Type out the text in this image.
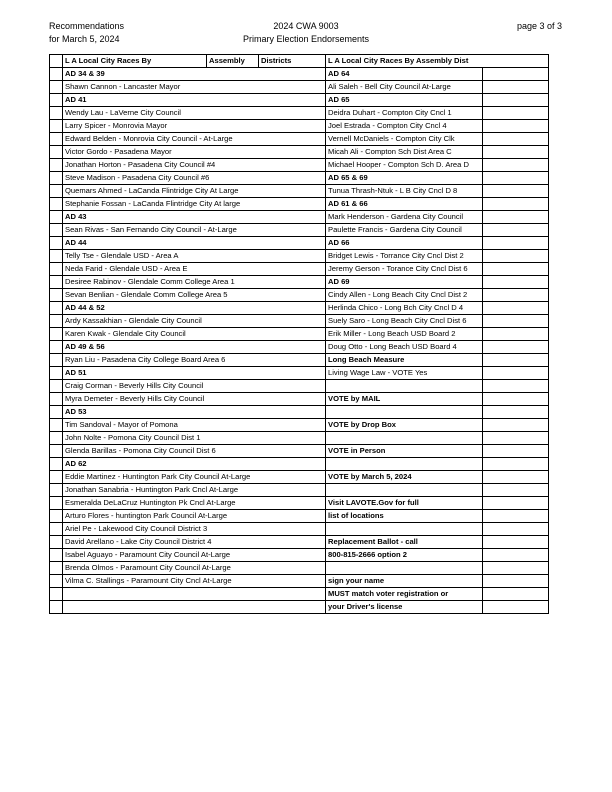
Recommendations
for March 5, 2024
2024 CWA 9003
Primary Election Endorsements
page 3 of 3
	L A Local City Races By	Assembly	Districts	L A Local City Races By Assembly Dist	
	AD 34 & 39			AD 64	
	Shawn Cannon - Lancaster Mayor			Ali Saleh - Bell City Council At-Large	
	AD 41			AD 65	
	Wendy Lau - LaVerne City Council			Deidra Duhart - Compton City Cncl 1	
	Larry Spicer - Monrovia Mayor			Joel Estrada - Compton City Cncl 4	
	Edward Belden - Monrovia City Council - At-Large			Vernell McDaniels - Compton City Clk	
	Victor Gordo - Pasadena Mayor			Micah Ali - Compton Sch Dist Area C	
	Jonathan Horton - Pasadena City Council #4			Michael Hooper - Compton Sch D. Area D	
	Steve Madison - Pasadena City Council #6			AD 65 & 69	
	Quemars Ahmed - LaCanda Flintridge City At Large			Tunua Thrash-Ntuk - L B City Cncl D 8	
	Stephanie Fossan - LaCanda Flintridge City At large			AD 61 & 66	
	AD 43			Mark Henderson - Gardena City Council	
	Sean Rivas - San Fernando City Council - At-Large			Paulette Francis - Gardena City Council	
	AD 44			AD 66	
	Telly Tse - Glendale USD - Area A			Bridget Lewis - Torrance City Cncl Dist 2	
	Neda Farid - Glendale USD - Area E			Jeremy Gerson - Torance City Cncl Dist 6	
	Desiree Rabinov - Glendale Comm College Area 1			AD 69	
	Sevan Benlian - Glendale Comm College Area 5			Cindy Allen - Long Beach City Cncl Dist 2	
	AD 44 & 52			Herlinda Chico - Long Bch City Cncl D 4	
	Ardy Kassakhian - Glendale City Council			Suely Saro - Long Beach City Cncl Dist 6	
	Karen Kwak - Glendale City Council			Erik Miller - Long Beach USD Board 2	
	AD 49 & 56			Doug Otto - Long Beach USD Board 4	
	Ryan Liu - Pasadena City College Board Area 6			Long Beach Measure	
	AD 51			Living Wage Law - VOTE Yes	
	Craig Corman - Beverly Hills City Council				
	Myra Demeter - Beverly Hills City Council			VOTE by MAIL	
	AD 53				
	Tim Sandoval - Mayor of Pomona			VOTE by Drop Box	
	John Nolte - Pomona City Council Dist 1				
	Glenda Barillas - Pomona City Council Dist 6			VOTE in Person	
	AD 62				
	Eddie Martinez - Huntington Park City Council At-Large			VOTE by March 5, 2024	
	Jonathan Sanabria - Huntington Park Cncl At-Large				
	Esmeralda DeLaCruz Huntington Pk Cncl At-Large			Visit LAVOTE.Gov for full	
	Arturo Flores - huntington Park Council At-Large			list of locations	
	Ariel Pe - Lakewood City Council District 3				
	David Arellano - Lake City Council District 4			Replacement Ballot - call	
	Isabel Aguayo - Paramount City Council At-Large			800-815-2666 option 2	
	Brenda Olmos - Paramount City Council At-Large				
	Vilma C. Stallings - Paramount City Cncl At-Large			sign your name	
				MUST match voter registration or	
				your Driver's license	
